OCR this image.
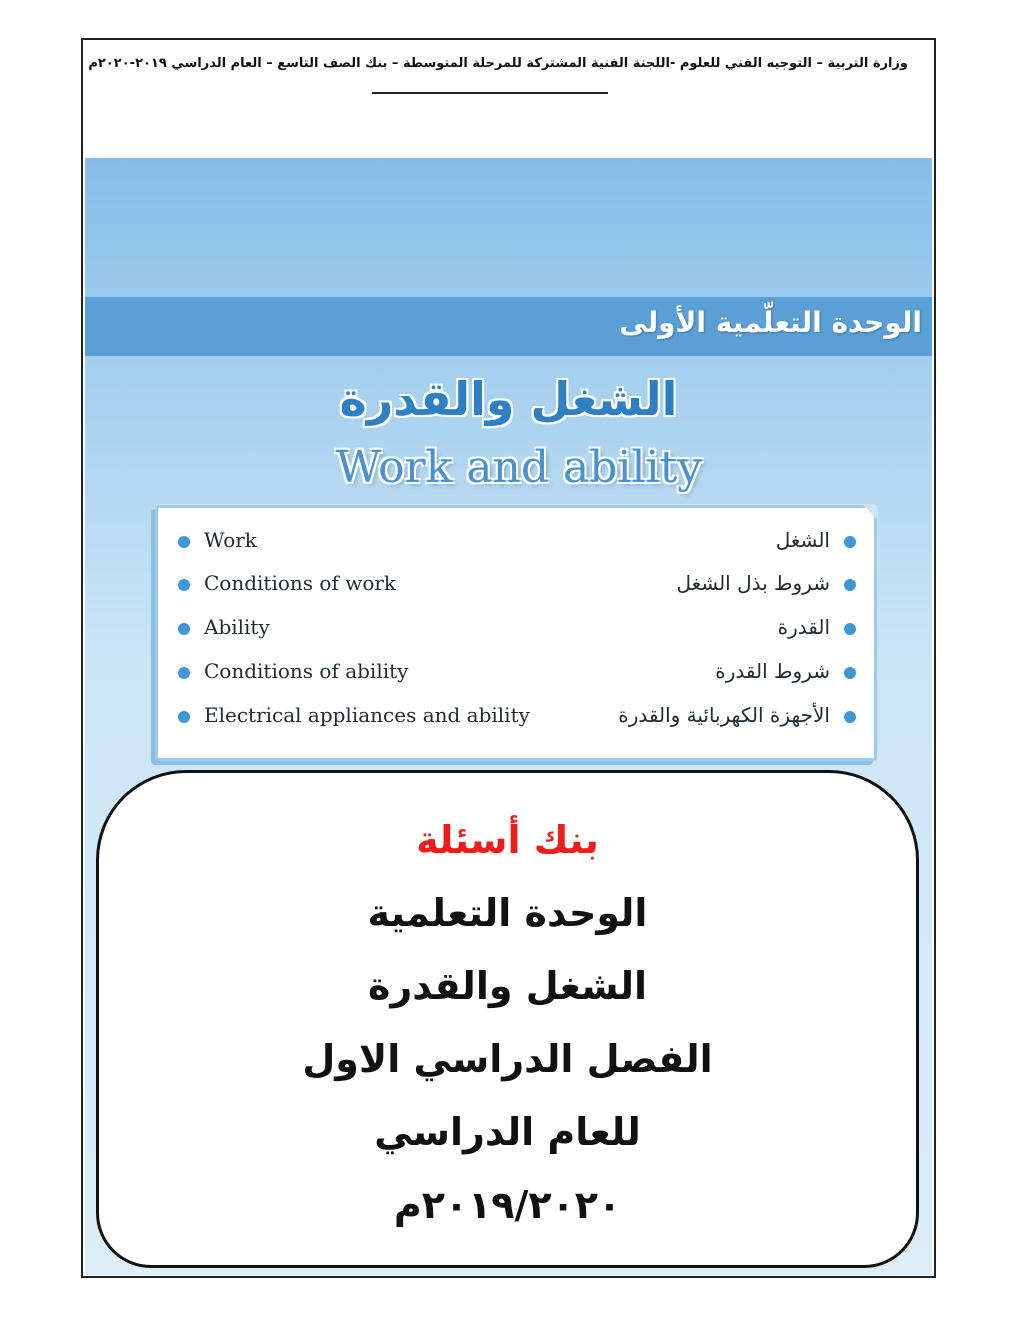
وزارة التربية – التوجيه الفني للعلوم -اللجنة الفنية المشتركة للمرحلة المتوسطة – بنك الصف التاسع – العام الدراسي ٢٠١٩-٢٠٢٠م
الوحدة التعلّمية الأولى
الشغل والقدرة
Work and ability
Work	الشغل
Conditions of work	شروط بذل الشغل
Ability	القدرة
Conditions of ability	شروط القدرة
Electrical appliances and ability	الأجهزة الكهربائية والقدرة
بنك أسئلة
الوحدة التعلمية
الشغل والقدرة
الفصل الدراسي الاول
للعام الدراسي
٢٠١٩/٢٠٢٠م
